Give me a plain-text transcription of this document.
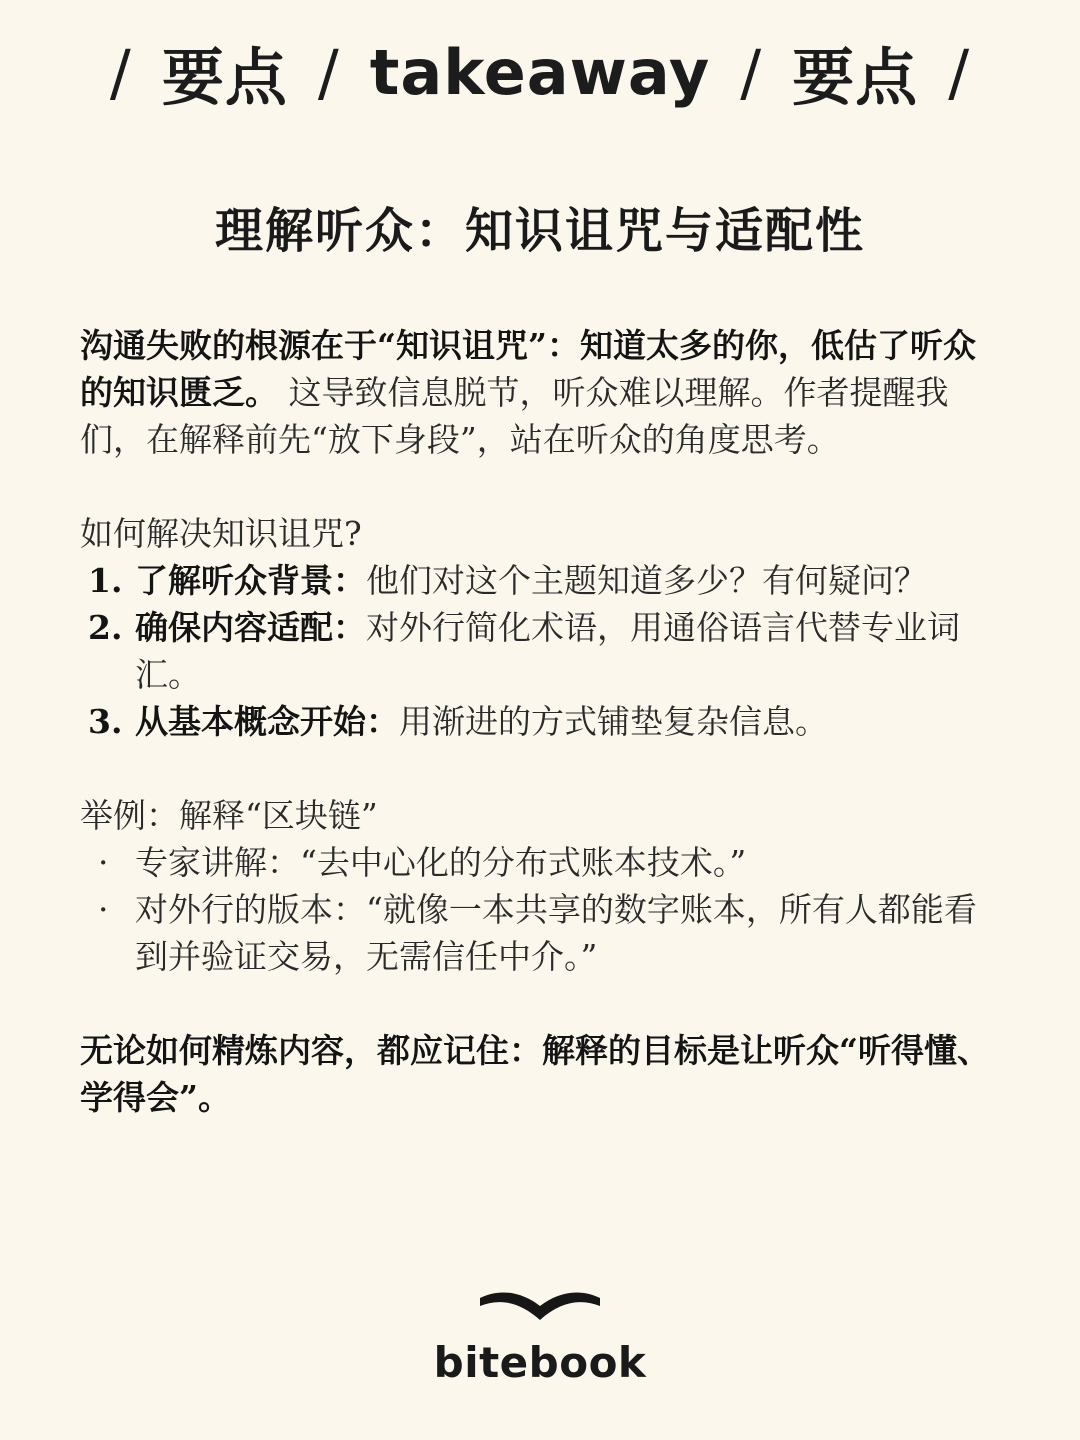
/ 要点 / takeaway / 要点 /
理解听众：知识诅咒与适配性

沟通失败的根源在于“知识诅咒”：知道太多的你，低估了听众的知识匮乏。 这导致信息脱节，听众难以理解。作者提醒我们，在解释前先“放下身段”，站在听众的角度思考。

如何解决知识诅咒?

1. 了解听众背景：他们对这个主题知道多少？有何疑问？
2. 确保内容适配：对外行简化术语，用通俗语言代替专业词汇。
3. 从基本概念开始：用渐进的方式铺垫复杂信息。

举例：解释“区块链”

· 专家讲解：“去中心化的分布式账本技术。”
· 对外行的版本：“就像一本共享的数字账本，所有人都能看到并验证交易，无需信任中介。”

无论如何精炼内容，都应记住：解释的目标是让听众“听得懂、学得会”。

bitebook
